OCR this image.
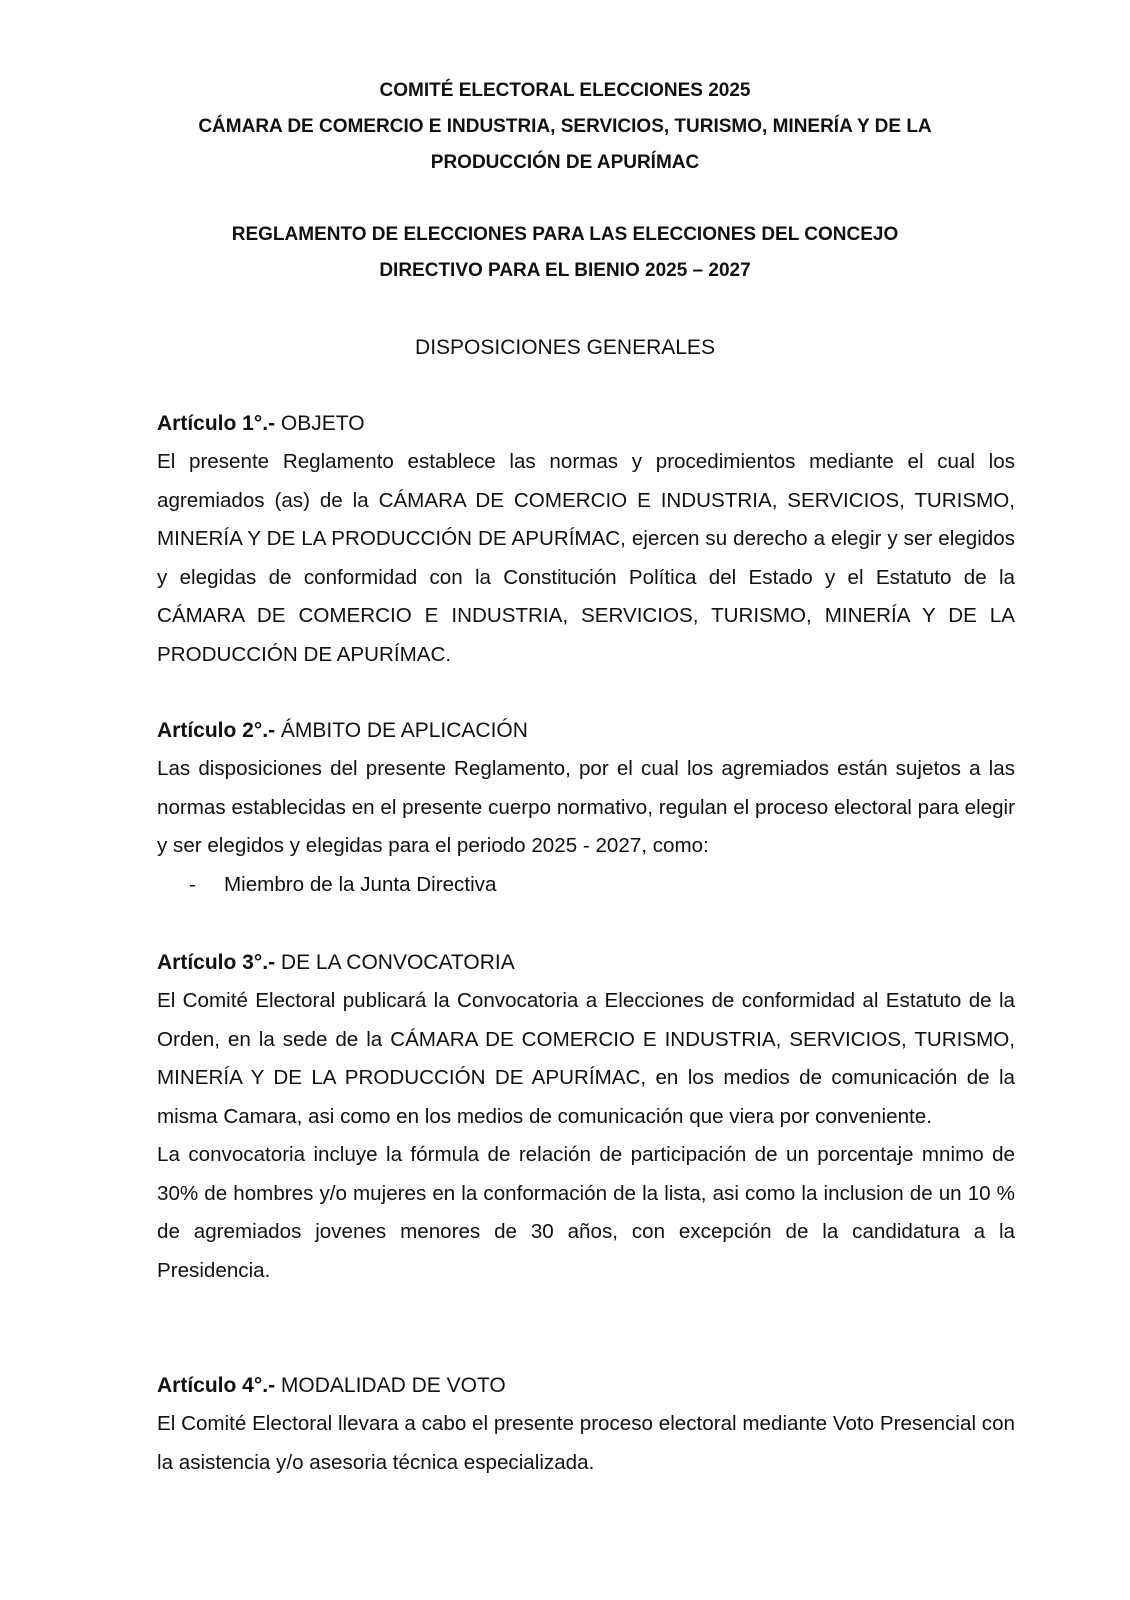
COMITÉ ELECTORAL ELECCIONES 2025
CÁMARA DE COMERCIO E INDUSTRIA, SERVICIOS, TURISMO, MINERÍA Y DE LA
PRODUCCIÓN DE APURÍMAC
REGLAMENTO DE ELECCIONES PARA LAS ELECCIONES DEL CONCEJO
DIRECTIVO PARA EL BIENIO 2025 – 2027
DISPOSICIONES GENERALES
Artículo 1°.- OBJETO
El presente Reglamento establece las normas y procedimientos mediante el cual los agremiados (as) de la CÁMARA DE COMERCIO E INDUSTRIA, SERVICIOS, TURISMO, MINERÍA Y DE LA PRODUCCIÓN DE APURÍMAC, ejercen su derecho a elegir y ser elegidos y elegidas de conformidad con la Constitución Política del Estado y el Estatuto de la CÁMARA DE COMERCIO E INDUSTRIA, SERVICIOS, TURISMO, MINERÍA Y DE LA PRODUCCIÓN DE APURÍMAC.
Artículo 2°.- ÁMBITO DE APLICACIÓN
Las disposiciones del presente Reglamento, por el cual los agremiados están sujetos a las normas establecidas en el presente cuerpo normativo, regulan el proceso electoral para elegir y ser elegidos y elegidas para el periodo 2025 - 2027, como:
- Miembro de la Junta Directiva
Artículo 3°.- DE LA CONVOCATORIA
El Comité Electoral publicará la Convocatoria a Elecciones de conformidad al Estatuto de la Orden, en la sede de la CÁMARA DE COMERCIO E INDUSTRIA, SERVICIOS, TURISMO, MINERÍA Y DE LA PRODUCCIÓN DE APURÍMAC, en los medios de comunicación de la misma Camara, asi como en los medios de comunicación que viera por conveniente.
La convocatoria incluye la fórmula de relación de participación de un porcentaje mnimo de 30% de hombres y/o mujeres en la conformación de la lista, asi como la inclusion de un 10 % de agremiados jovenes menores de 30 años, con excepción de la candidatura a la Presidencia.
Artículo 4°.- MODALIDAD DE VOTO
El Comité Electoral llevara a cabo el presente proceso electoral mediante Voto Presencial con la asistencia y/o asesoria técnica especializada.
